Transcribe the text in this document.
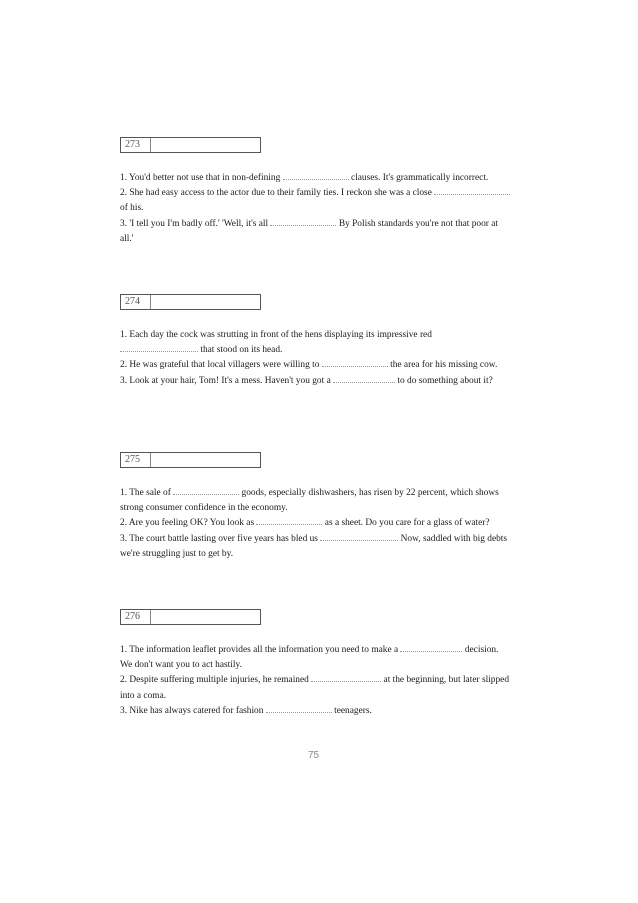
273

1. You'd better not use that in non-defining	clauses. It's grammatically incorrect.

2. She had easy access to the actor due to their family ties. I reckon she was a close  of his.

3. 'I tell you I'm badly off.' 'Well, it's all	By Polish standards you're not that poor at all.'

274

1. Each day the cock was strutting in front of the hens displaying its impressive red  that stood on its head.

2. He was grateful that local villagers were willing to	the area for his missing cow.

3. Look at your hair, Tom! It's a mess. Haven't you got a	to do something about it?

275

1. The sale of	goods, especially dishwashers, has risen by 22 percent, which shows strong consumer confidence in the economy.

2. Are you feeling OK? You look as	as a sheet. Do you care for a glass of water?

3. The court battle lasting over five years has bled us	Now, saddled with big debts we're struggling just to get by.

276

1. The information leaflet provides all the information you need to make a	decision. We don't want you to act hastily.

2. Despite suffering multiple injuries, he remained	at the beginning, but later slipped into a coma.

3. Nike has always catered for fashion	teenagers.

75
